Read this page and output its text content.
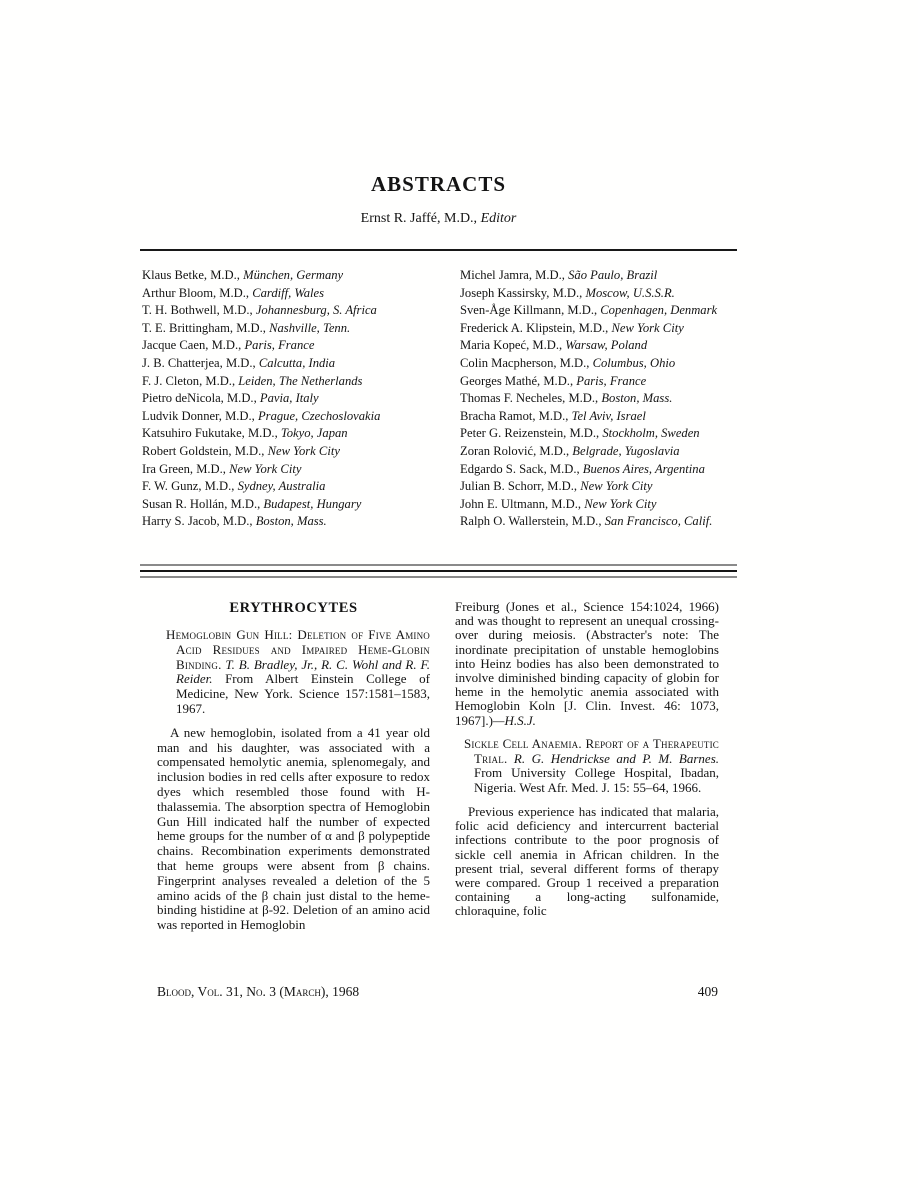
ABSTRACTS

Ernst R. Jaffé, M.D., Editor

Klaus Betke, M.D., München, Germany

Arthur Bloom, M.D., Cardiff, Wales

T. H. Bothwell, M.D., Johannesburg, S. Africa

T. E. Brittingham, M.D., Nashville, Tenn.

Jacque Caen, M.D., Paris, France

J. B. Chatterjea, M.D., Calcutta, India

F. J. Cleton, M.D., Leiden, The Netherlands

Pietro deNicola, M.D., Pavia, Italy

Ludvik Donner, M.D., Prague, Czechoslovakia

Katsuhiro Fukutake, M.D., Tokyo, Japan

Robert Goldstein, M.D., New York City

Ira Green, M.D., New York City

F. W. Gunz, M.D., Sydney, Australia

Susan R. Hollán, M.D., Budapest, Hungary

Harry S. Jacob, M.D., Boston, Mass.

Michel Jamra, M.D., São Paulo, Brazil

Joseph Kassirsky, M.D., Moscow, U.S.S.R.

Sven-Åge Killmann, M.D., Copenhagen, Denmark

Frederick A. Klipstein, M.D., New York City

Maria Kopeć, M.D., Warsaw, Poland

Colin Macpherson, M.D., Columbus, Ohio

Georges Mathé, M.D., Paris, France

Thomas F. Necheles, M.D., Boston, Mass.

Bracha Ramot, M.D., Tel Aviv, Israel

Peter G. Reizenstein, M.D., Stockholm, Sweden

Zoran Rolović, M.D., Belgrade, Yugoslavia

Edgardo S. Sack, M.D., Buenos Aires, Argentina

Julian B. Schorr, M.D., New York City

John E. Ultmann, M.D., New York City

Ralph O. Wallerstein, M.D., San Francisco, Calif.

ERYTHROCYTES

Hemoglobin Gun Hill: Deletion of Five Amino Acid Residues and Impaired Heme-Globin Binding. T. B. Bradley, Jr., R. C. Wohl and R. F. Reider. From Albert Einstein College of Medicine, New York. Science 157:1581–1583, 1967.

A new hemoglobin, isolated from a 41 year old man and his daughter, was associated with a compensated hemolytic anemia, splenomegaly, and inclusion bodies in red cells after exposure to redox dyes which resembled those found with H-thalassemia. The absorption spectra of Hemoglobin Gun Hill indicated half the number of expected heme groups for the number of α and β polypeptide chains. Recombination experiments demonstrated that heme groups were absent from β chains. Fingerprint analyses revealed a deletion of the 5 amino acids of the β chain just distal to the heme-binding histidine at β-92. Deletion of an amino acid was reported in Hemoglobin

Freiburg (Jones et al., Science 154:1024, 1966) and was thought to represent an unequal crossing-over during meiosis. (Abstracter's note: The inordinate precipitation of unstable hemoglobins into Heinz bodies has also been demonstrated to involve diminished binding capacity of globin for heme in the hemolytic anemia associated with Hemoglobin Koln [J. Clin. Invest. 46: 1073, 1967].)—H.S.J.

Sickle Cell Anaemia. Report of a Therapeutic Trial. R. G. Hendrickse and P. M. Barnes. From University College Hospital, Ibadan, Nigeria. West Afr. Med. J. 15: 55–64, 1966.

Previous experience has indicated that malaria, folic acid deficiency and intercurrent bacterial infections contribute to the poor prognosis of sickle cell anemia in African children. In the present trial, several different forms of therapy were compared. Group 1 received a preparation containing a long-acting sulfonamide, chloraquine, folic

Blood, Vol. 31, No. 3 (March), 1968	409
